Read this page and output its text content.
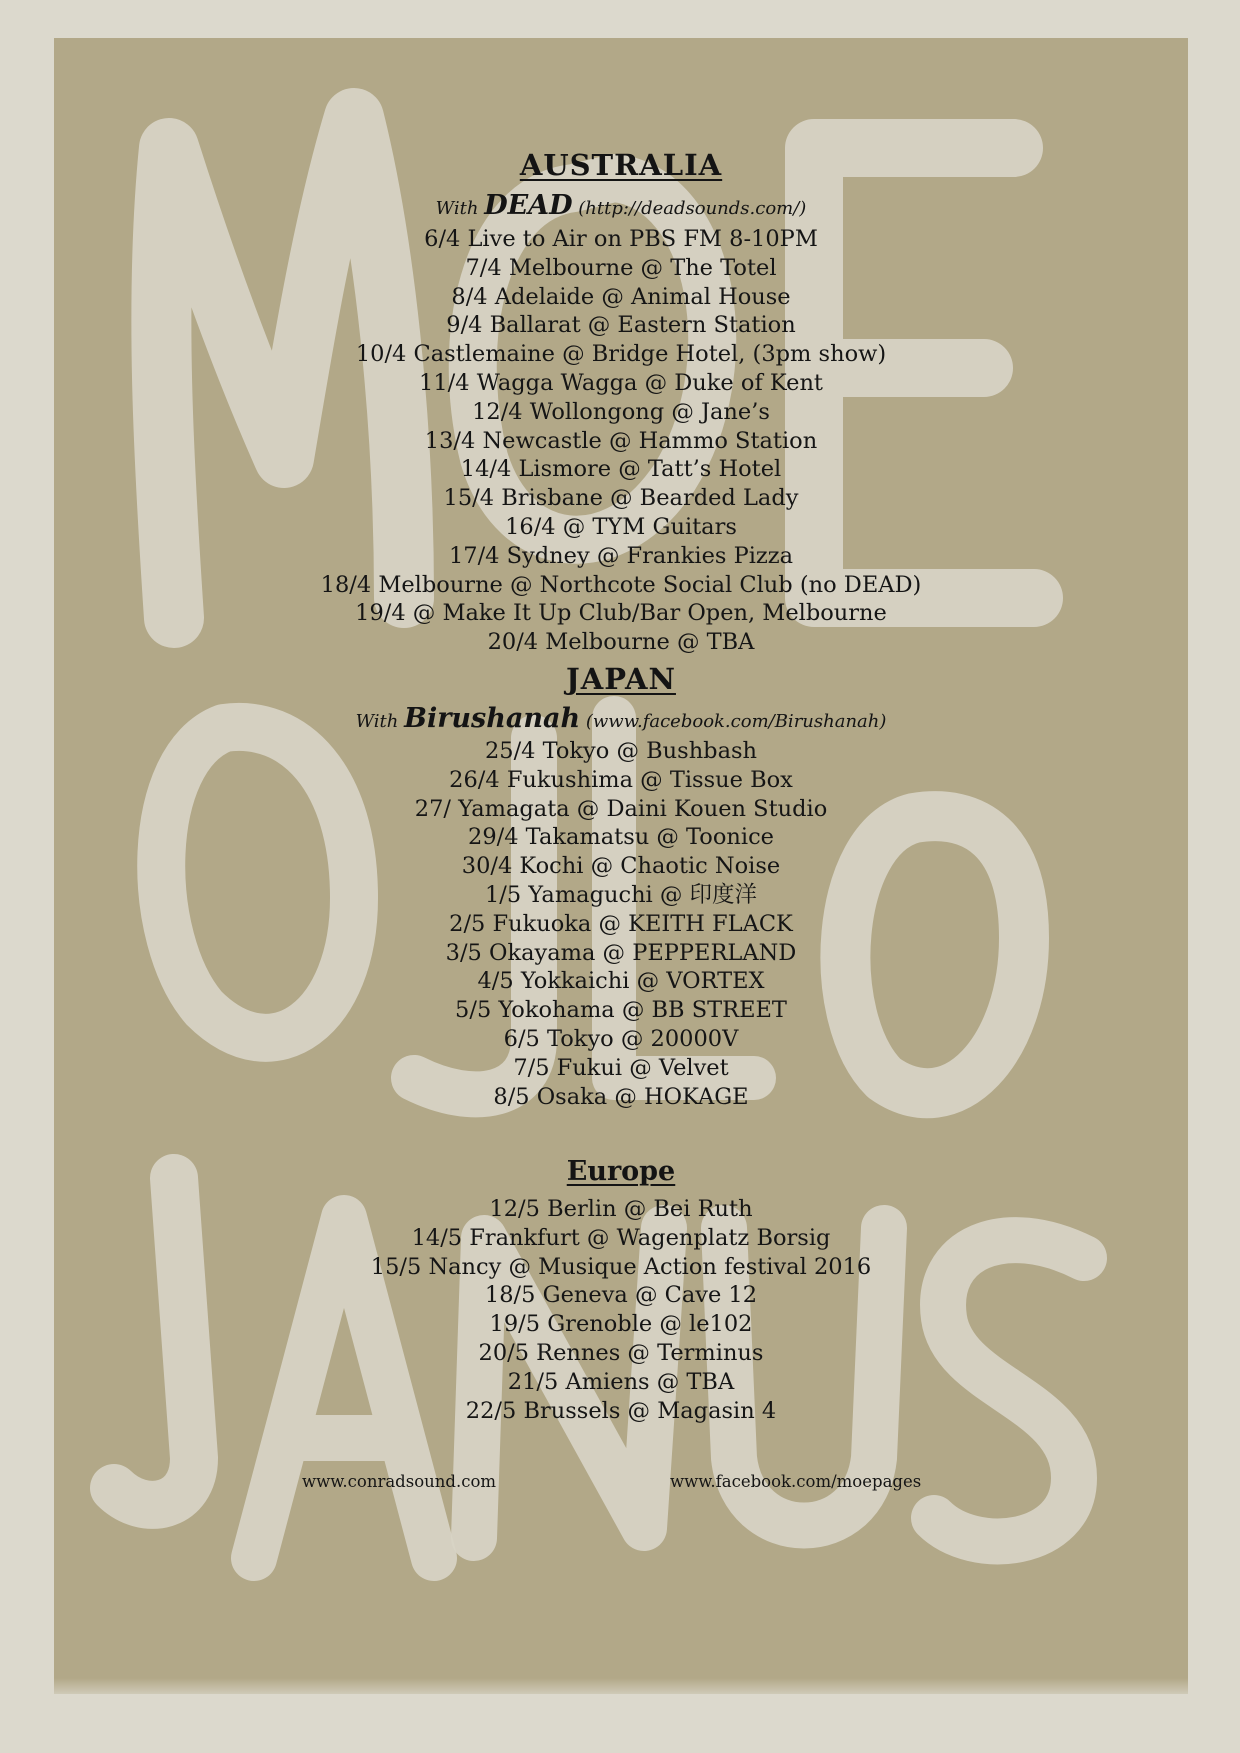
AUSTRALIA
With DEAD (http://deadsounds.com/)
6/4 Live to Air on PBS FM 8-10PM
7/4 Melbourne @ The Totel
8/4 Adelaide @ Animal House
9/4 Ballarat @ Eastern Station
10/4 Castlemaine @ Bridge Hotel, (3pm show)
11/4 Wagga Wagga @ Duke of Kent
12/4 Wollongong @ Jane’s
13/4 Newcastle @ Hammo Station
14/4 Lismore @ Tatt’s Hotel
15/4 Brisbane @ Bearded Lady
16/4 @ TYM Guitars
17/4 Sydney @ Frankies Pizza
18/4 Melbourne @ Northcote Social Club (no DEAD)
19/4 @ Make It Up Club/Bar Open, Melbourne
20/4 Melbourne @ TBA
JAPAN
With Birushanah (www.facebook.com/Birushanah)
25/4 Tokyo @ Bushbash
26/4 Fukushima @ Tissue Box
27/ Yamagata @ Daini Kouen Studio
29/4 Takamatsu @ Toonice
30/4 Kochi @ Chaotic Noise
1/5 Yamaguchi @ 印度洋
2/5 Fukuoka @ KEITH FLACK
3/5 Okayama @ PEPPERLAND
4/5 Yokkaichi @ VORTEX
5/5 Yokohama @ BB STREET
6/5 Tokyo @ 20000V
7/5 Fukui @ Velvet
8/5 Osaka @ HOKAGE
Europe
12/5 Berlin @ Bei Ruth
14/5 Frankfurt @ Wagenplatz Borsig
15/5 Nancy @ Musique Action festival 2016
18/5 Geneva @ Cave 12
19/5 Grenoble @ le102
20/5 Rennes @ Terminus
21/5 Amiens @ TBA
22/5 Brussels @ Magasin 4
www.conradsound.com	www.facebook.com/moepages
